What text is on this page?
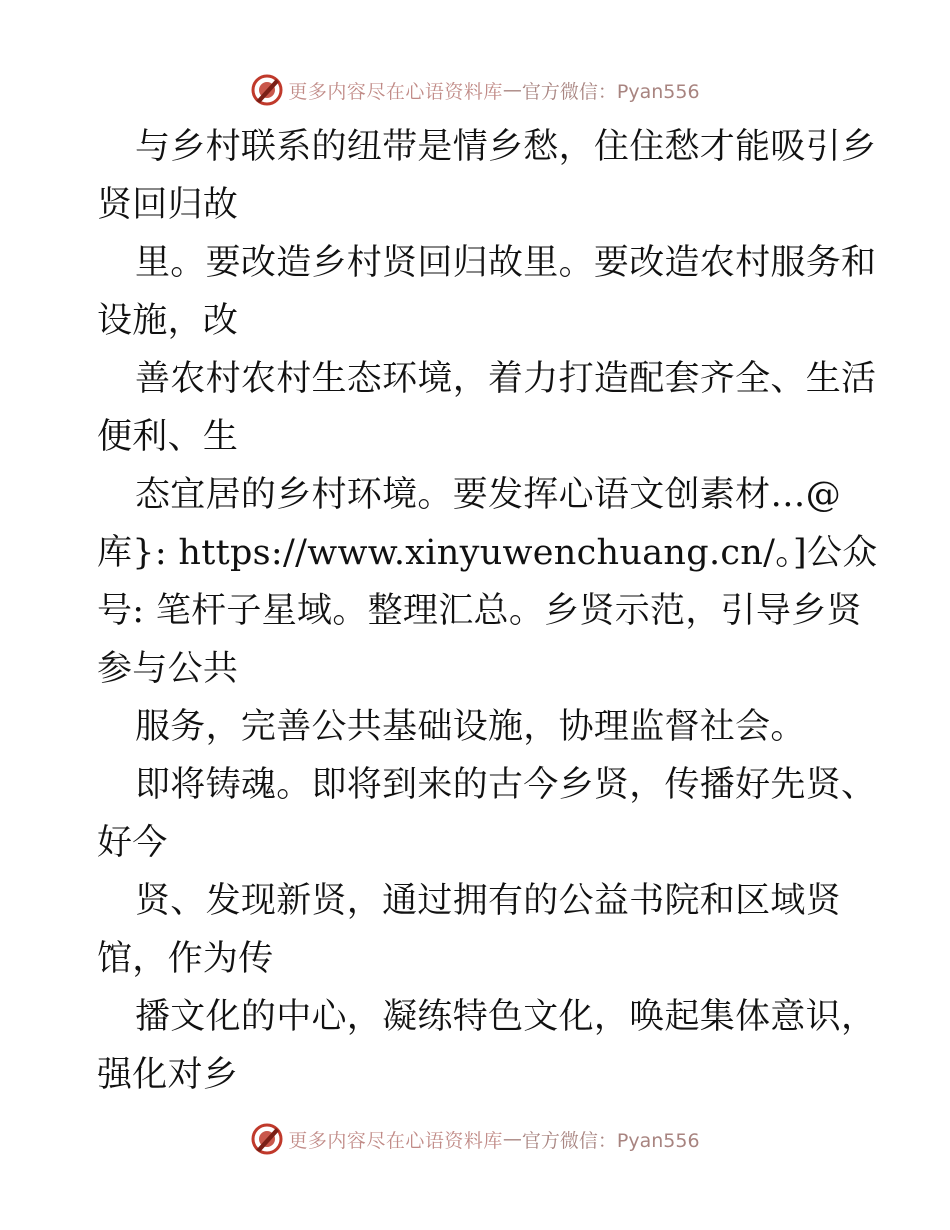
更多内容尽在心语资料库 — 官方微信：Pyan556
与乡村联系的纽带是情乡愁，住住愁才能吸引乡
贤回归故
里。要改造乡村贤回归故里。要改造农村服务和
设施，改
善农村农村生态环境，着力打造配套齐全、生活
便利、生
态宜居的乡村环境。要发挥心语文创素材…@
库}: https://www.xinyuwenchuang.cn/。]公众
号: 笔杆子星域。整理汇总。乡贤示范，引导乡贤
参与公共
服务，完善公共基础设施，协理监督社会。
即将铸魂。即将到来的古今乡贤，传播好先贤、
好今
贤、发现新贤，通过拥有的公益书院和区域贤
馆，作为传
播文化的中心，凝练特色文化，唤起集体意识，
强化对乡
更多内容尽在心语资料库 — 官方微信：Pyan556
